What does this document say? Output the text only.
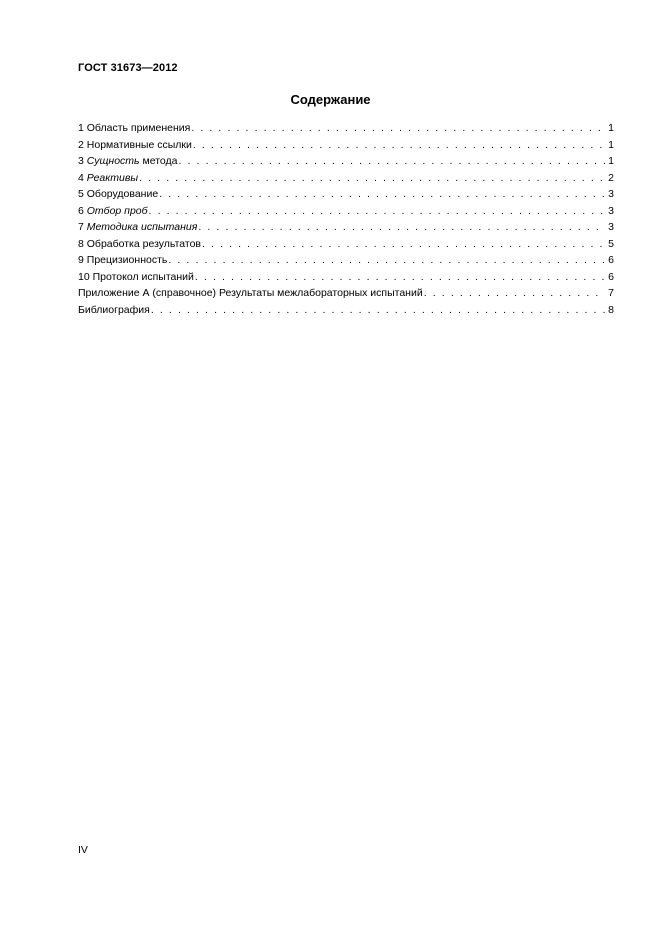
ГОСТ 31673—2012
Содержание
1 Область применения . . .	1
2 Нормативные ссылки . . .	1
3 Сущность метода . . .	1
4 Реактивы . . .	2
5 Оборудование . . .	3
6 Отбор проб . . .	3
7 Методика испытания . . .	3
8 Обработка результатов . . .	5
9 Прецизионность . . .	6
10 Протокол испытаний . . .	6
Приложение А (справочное) Результаты межлабораторных испытаний . . .	7
Библиография . . .	8
IV
